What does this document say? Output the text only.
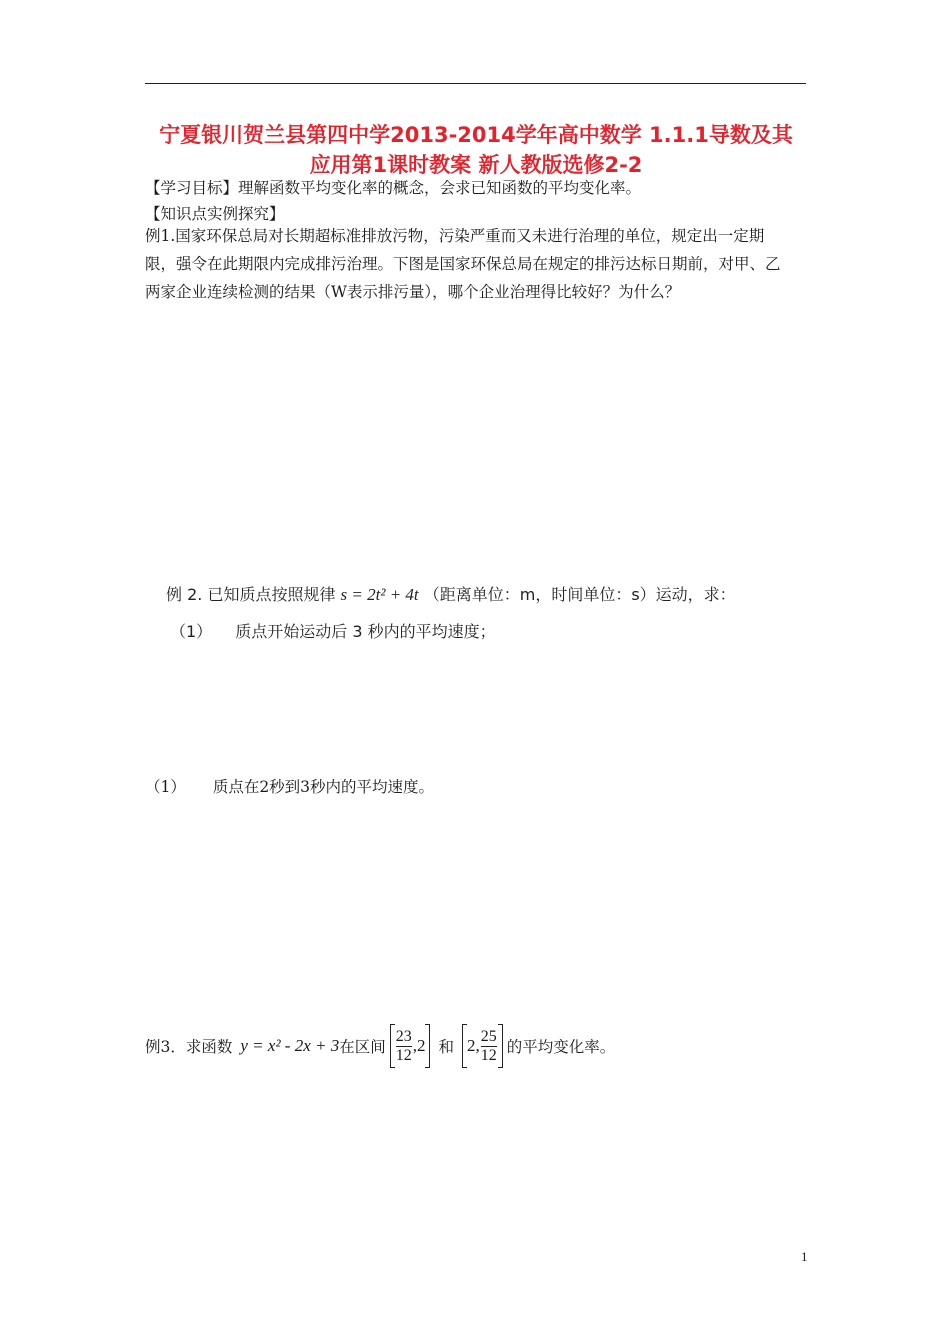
宁夏银川贺兰县第四中学2013-2014学年高中数学 1.1.1导数及其
应用第1课时教案 新人教版选修2-2
【学习目标】理解函数平均变化率的概念，会求已知函数的平均变化率。
【知识点实例探究】
例1.国家环保总局对长期超标准排放污物，污染严重而又未进行治理的单位，规定出一定期
限，强令在此期限内完成排污治理。下图是国家环保总局在规定的排污达标日期前，对甲、乙
两家企业连续检测的结果（W表示排污量），哪个企业治理得比较好？为什么？
例 2. 已知质点按照规律 s = 2t² + 4t （距离单位：m，时间单位：s）运动，求：
（1） 质点开始运动后 3 秒内的平均速度；
（1） 质点在2秒到3秒内的平均速度。
例3．求函数 y = x² - 2x + 3 在区间 $\frac{23}{12} ,2$ 和 2, $\frac{25}{12}$ 的平均变化率。
1
